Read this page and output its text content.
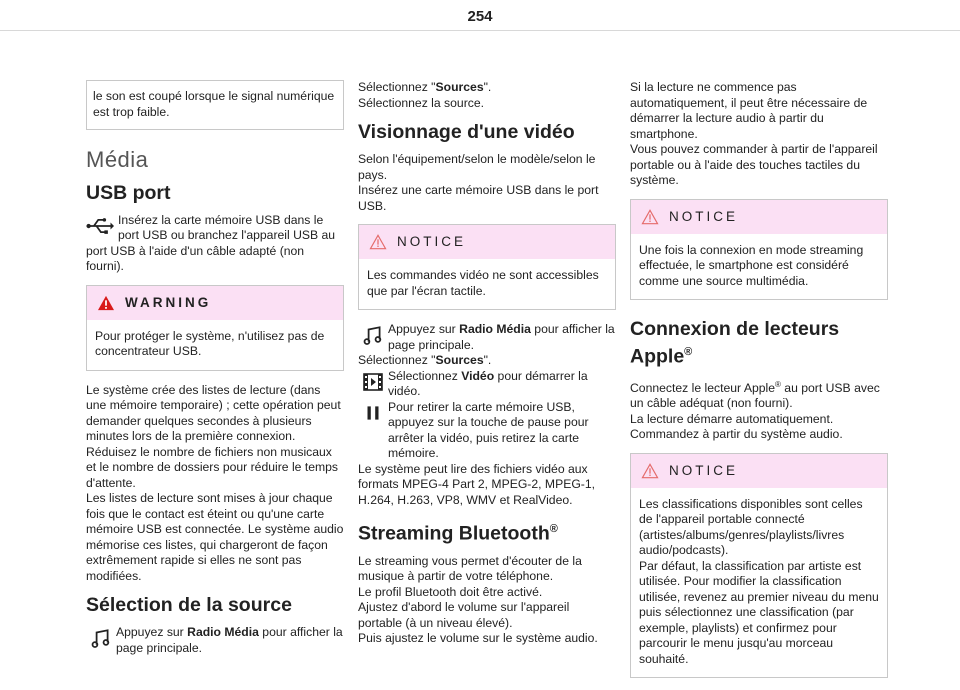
254

le son est coupé lorsque le signal numérique est trop faible.

Média
USB port

Insérez la carte mémoire USB dans le port USB ou branchez l'appareil USB au port USB à l'aide d'un câble adapté (non fourni).

WARNING

Pour protéger le système, n'utilisez pas de concentrateur USB.

Le système crée des listes de lecture (dans une mémoire temporaire) ; cette opération peut demander quelques secondes à plusieurs minutes lors de la première connexion.

Réduisez le nombre de fichiers non musicaux et le nombre de dossiers pour réduire le temps d'attente.

Les listes de lecture sont mises à jour chaque fois que le contact est éteint ou qu'une carte mémoire USB est connectée. Le système audio mémorise ces listes, qui chargeront de façon extrêmement rapide si elles ne sont pas modifiées.

Sélection de la source

Appuyez sur Radio Média pour afficher la page principale.

Sélectionnez "Sources".

Sélectionnez la source.

Visionnage d'une vidéo

Selon l'équipement/selon le modèle/selon le pays.

Insérez une carte mémoire USB dans le port USB.

NOTICE

Les commandes vidéo ne sont accessibles que par l'écran tactile.

Appuyez sur Radio Média pour afficher la page principale.

Sélectionnez "Sources".

Sélectionnez Vidéo pour démarrer la vidéo.

Pour retirer la carte mémoire USB, appuyez sur la touche de pause pour arrêter la vidéo, puis retirez la carte mémoire.

Le système peut lire des fichiers vidéo aux formats MPEG-4 Part 2, MPEG-2, MPEG-1, H.264, H.263, VP8, WMV et RealVideo.

Streaming Bluetooth®

Le streaming vous permet d'écouter de la musique à partir de votre téléphone.

Le profil Bluetooth doit être activé.

Ajustez d'abord le volume sur l'appareil portable (à un niveau élevé).

Puis ajustez le volume sur le système audio.

Si la lecture ne commence pas automatiquement, il peut être nécessaire de démarrer la lecture audio à partir du smartphone.

Vous pouvez commander à partir de l'appareil portable ou à l'aide des touches tactiles du système.

NOTICE

Une fois la connexion en mode streaming effectuée, le smartphone est considéré comme une source multimédia.

Connexion de lecteurs
Apple®

Connectez le lecteur Apple® au port USB avec un câble adéquat (non fourni).

La lecture démarre automatiquement.

Commandez à partir du système audio.

NOTICE

Les classifications disponibles sont celles de l'appareil portable connecté (artistes/albums/genres/playlists/livres audio/podcasts).

Par défaut, la classification par artiste est utilisée. Pour modifier la classification utilisée, revenez au premier niveau du menu puis sélectionnez une classification (par exemple, playlists) et confirmez pour parcourir le menu jusqu'au morceau souhaité.
